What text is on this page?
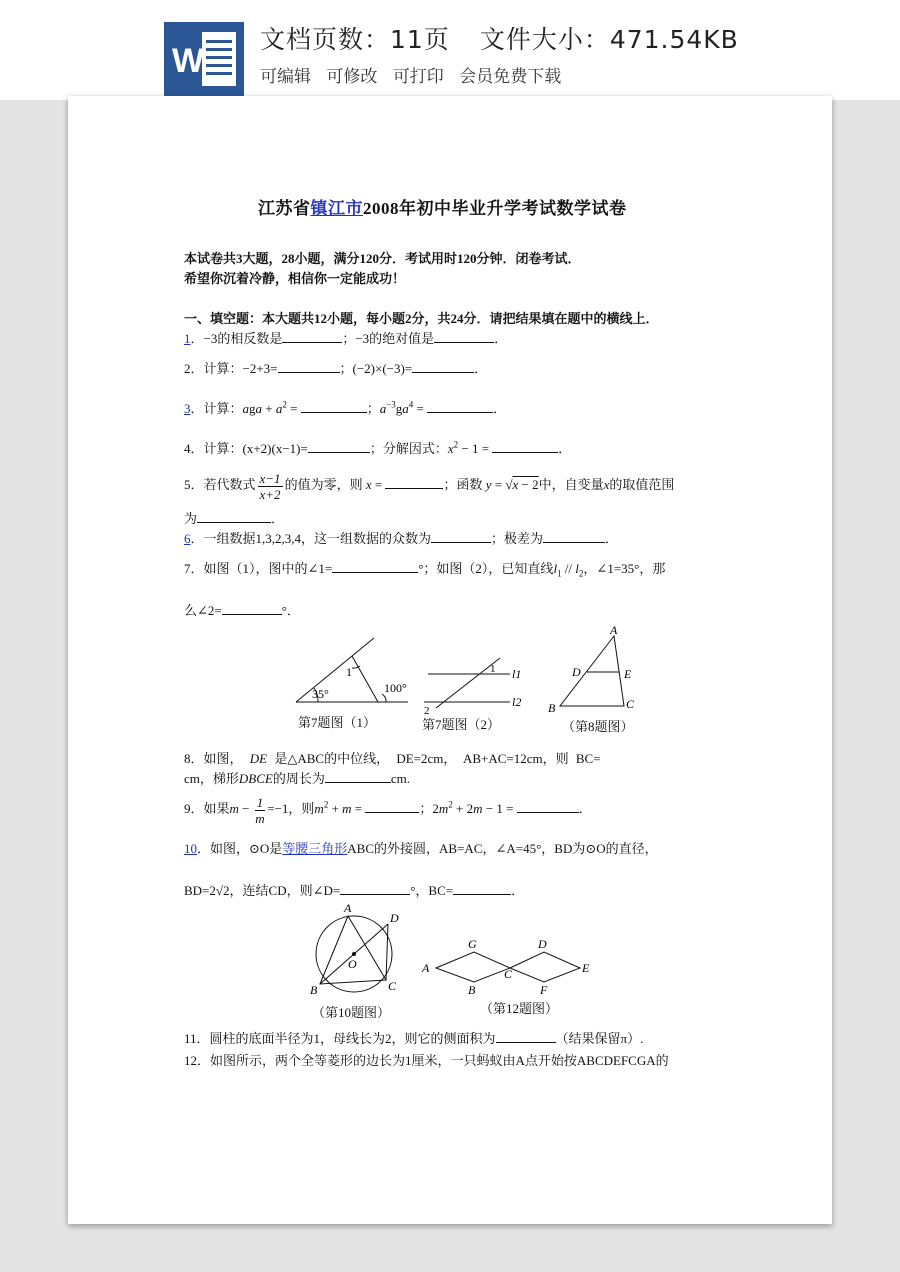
W
文档页数：11页 文件大小：471.54KB
可编辑 可修改 可打印 会员免费下载
江苏省镇江市2008年初中毕业升学考试数学试卷
本试卷共3大题，28小题，满分120分．考试用时120分钟．闭卷考试．
希望你沉着冷静，相信你一定能成功！
一、填空题：本大题共12小题，每小题2分，共24分．请把结果填在题中的横线上．
1．−3的相反数是	；−3的绝对值是	．
2．计算：−2+3=	；(−2)×(−3)=	．
3．计算：aga + $a^2$ =	；$a^{-3}ga^4$ =	．
4．计算：(x+2)(x−1)=	；分解因式：$x^2 - 1$ =	．
5．若代数式 $\frac{x-1}{x+2}$ 的值为零，则 x =	；函数 y = √x − 2中，自变量x的取值范围
为	．
6．一组数据1,3,2,3,4，这一组数据的众数为	；极差为	．
7．如图（1），图中的∠1=	°；如图（2），已知直线$l_1 // l_2$，∠1=35°，那
么∠2=	°．
35°
1
100°
第7题图（1）
1
2
l1
l2
第7题图（2）
A
D	E
B	C
（第8题图）
8．如图， DE 是△ABC的中位线， DE=2cm， AB+AC=12cm，则 BC=
cm，梯形DBCE的周长为	cm.
9．如果$m - \frac{1}{m} =-1$，则$m^2 + m$ =	；$2m^2 + 2m - 1$ =	．
10．如图，⊙O是等腰三角形ABC的外接圆，AB=AC，∠A=45°，BD为⊙O的直径，
BD=2√2，连结CD，则∠D=	°，BC=	．
A
D
O
B	C
（第10题图）
A
G	D
C	E
B	F
（第12题图）
11．圆柱的底面半径为1，母线长为2，则它的侧面积为	（结果保留π）.
12．如图所示，两个全等菱形的边长为1厘米，一只蚂蚁由A点开始按ABCDEFCGA的
